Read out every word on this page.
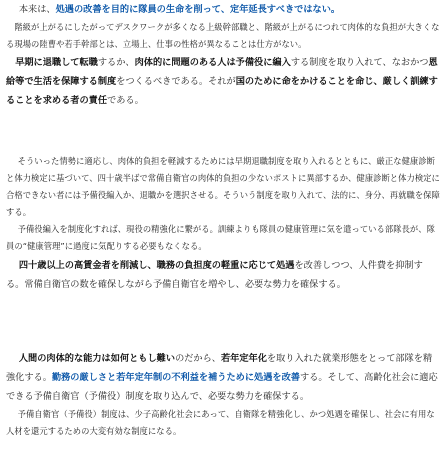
本来は、処遇の改善を目的に隊員の生命を削って、定年延長すべきではない。

階級が上がるにしたがってデスクワークが多くなる上級幹部職と、階級が上がるにつれて肉体的な負担が大きくなる現場の陸曹や若手幹部とは、立場上、仕事の性格が異なることは仕方がない。

早期に退職して転職するか、肉体的に問題のある人は予備役に編入する制度を取り入れて、なおかつ恩給等で生活を保障する制度をつくるべきである。それが国のために命をかけることを命じ、厳しく訓練することを求める者の責任である。

そういった情勢に適応し、肉体的負担を軽減するためには早期退職制度を取り入れるとともに、厳正な健康診断と体力検定に基づいて、四十歳半ばで常備自衛官の肉体的負担の少ないポストに異部するか、健康診断と体力検定に合格できない者には予備役編入か、退職かを選択させる。そういう制度を取り入れて、法的に、身分、再就職を保障する。

予備役編入を制度化すれば、現役の精強化に繋がる。訓練よりも隊員の健康管理に気を遣っている部隊長が、隊員の“健康管理”に過度に気配りする必要もなくなる。

四十歳以上の高賃金者を削減し、職務の負担度の軽重に応じて処遇を改善しつつ、人件費を抑制する。常備自衛官の数を確保しながら予備自衛官を増やし、必要な勢力を確保する。

人間の肉体的な能力は如何ともし難いのだから、若年定年化を取り入れた就業形態をとって部隊を精強化する。勤務の厳しさと若年定年制の不利益を補うために処遇を改善する。そして、高齢化社会に適応できる予備自衛官（予備役）制度を取り込んで、必要な勢力を確保する。

予備自衛官（予備役）制度は、少子高齢化社会にあって、自衛隊を精強化し、かつ処遇を確保し、社会に有用な人材を還元するための大変有効な制度になる。
